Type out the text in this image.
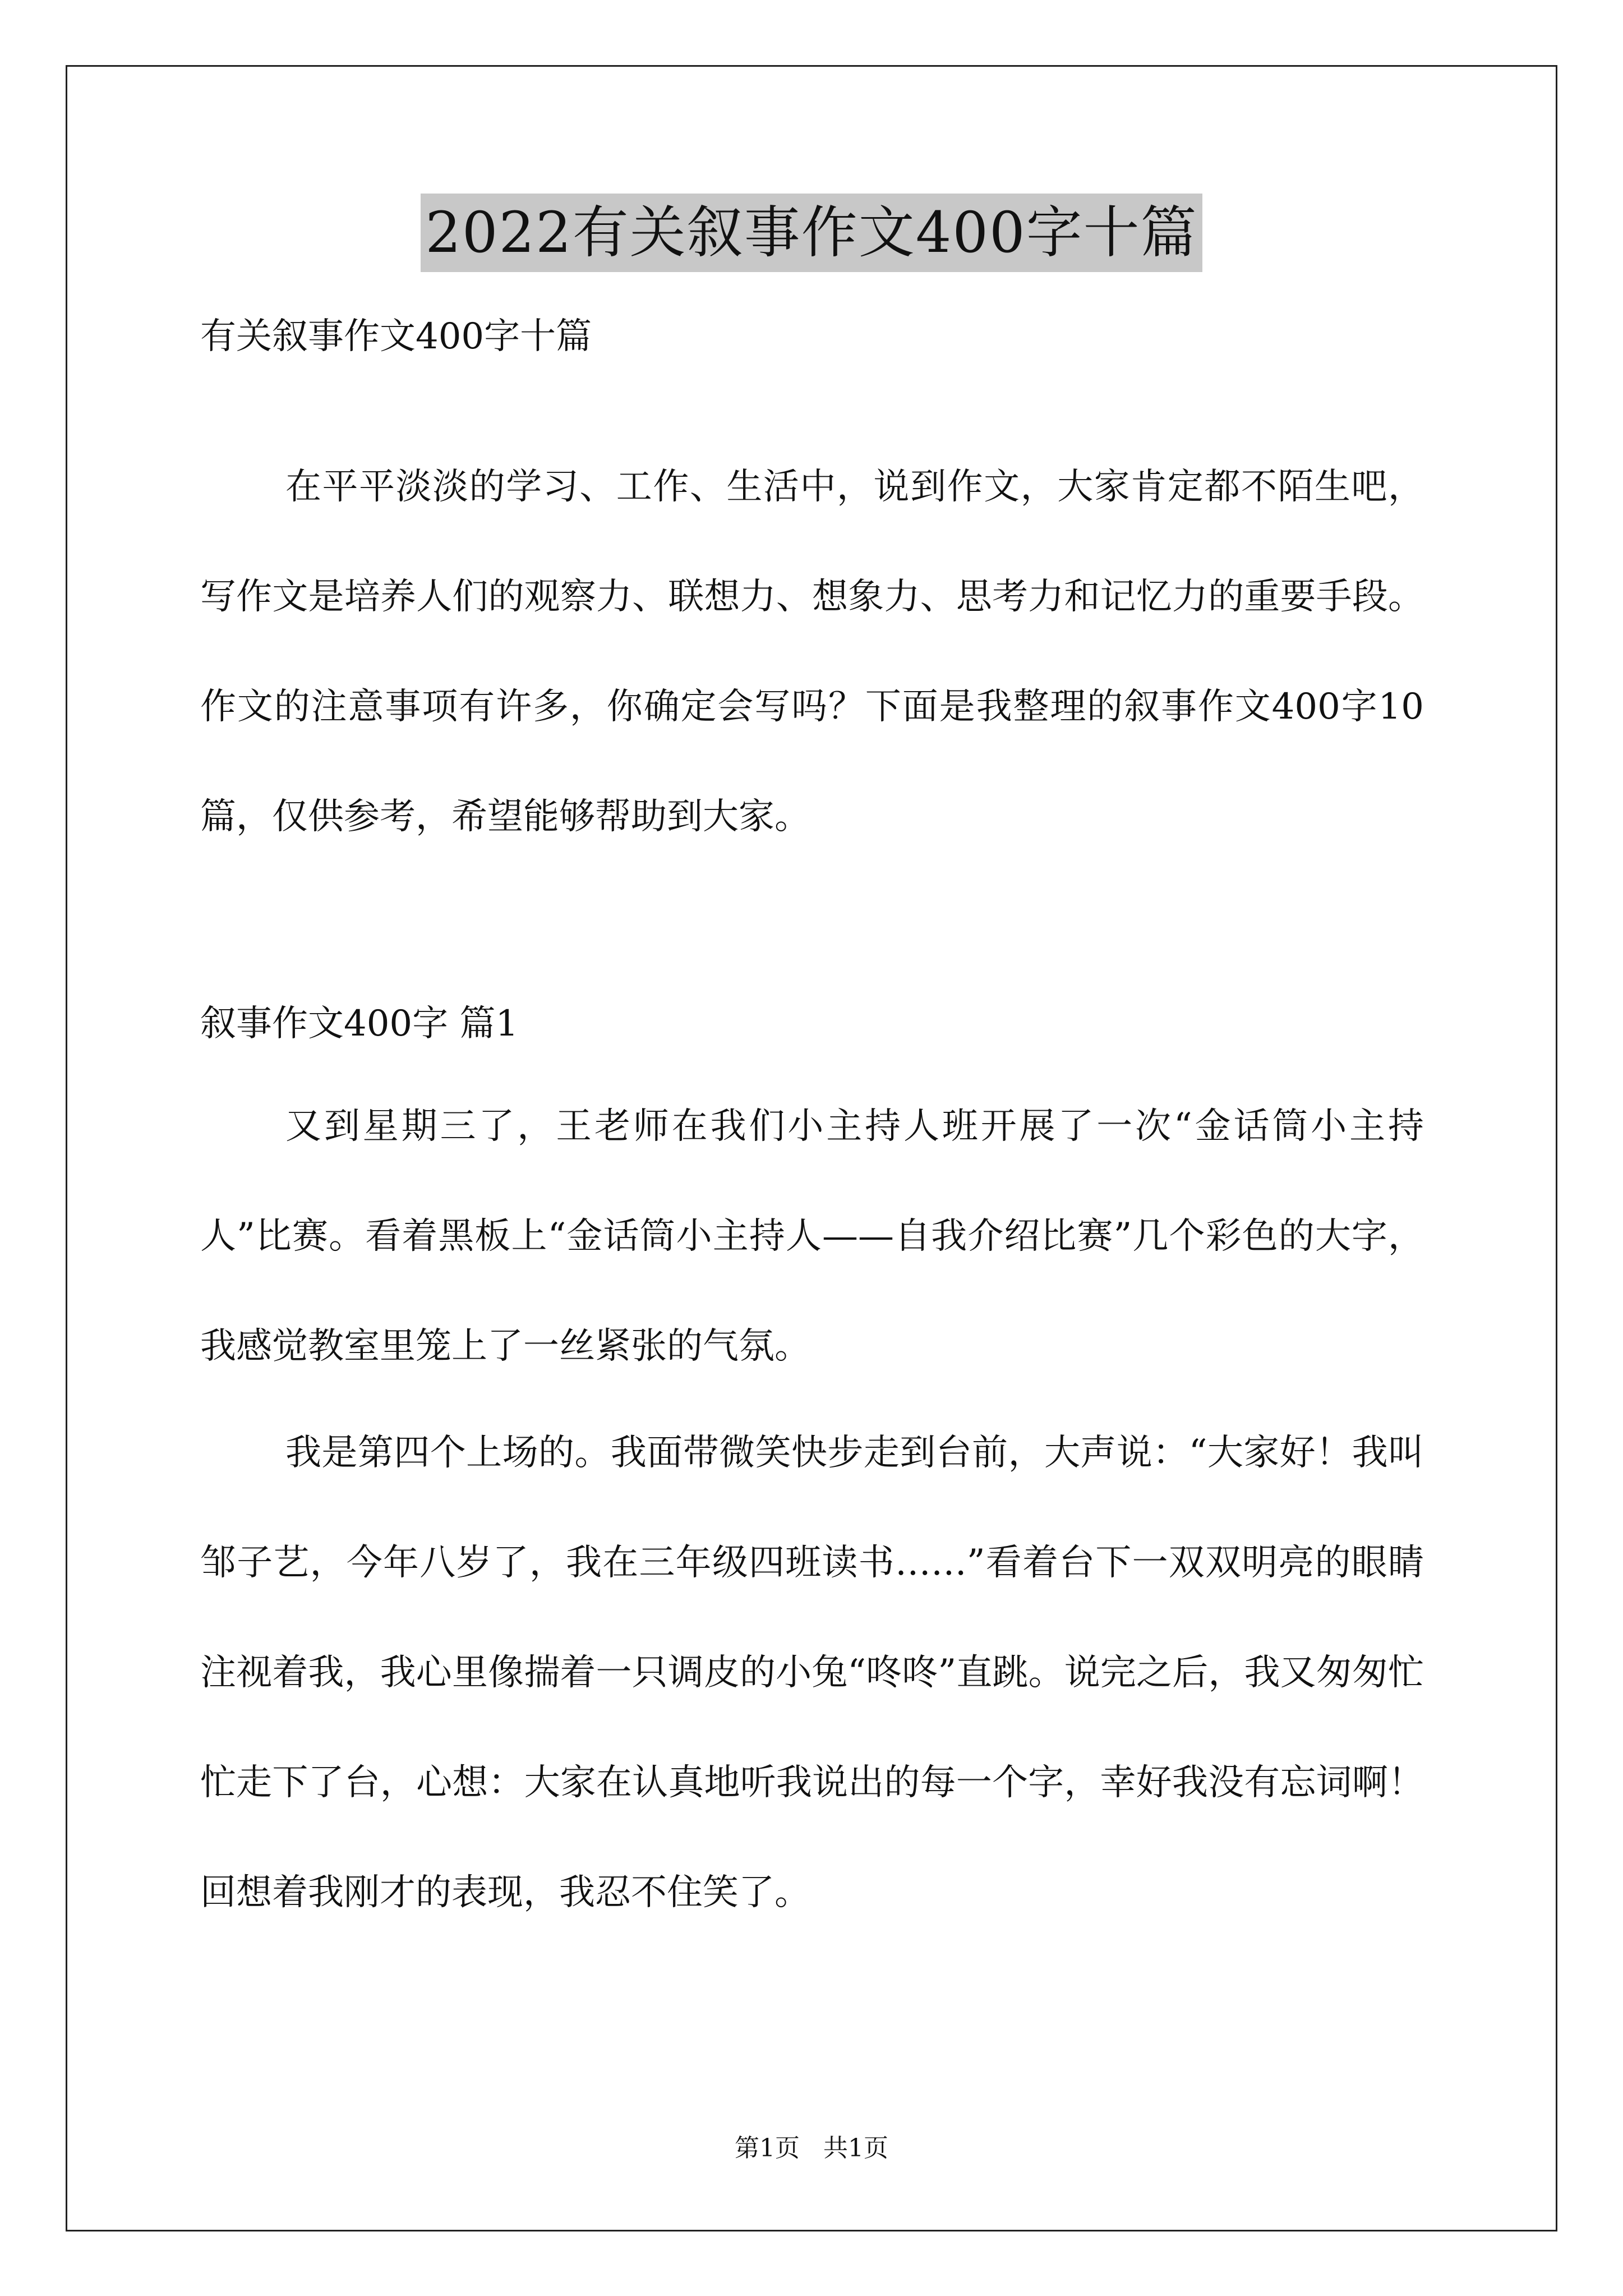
2022有关叙事作文400字十篇
有关叙事作文400字十篇

在平平淡淡的学习、工作、生活中，说到作文，大家肯定都不陌生吧，写作文是培养人们的观察力、联想力、想象力、思考力和记忆力的重要手段。作文的注意事项有许多，你确定会写吗？下面是我整理的叙事作文400字10篇，仅供参考，希望能够帮助到大家。

叙事作文400字 篇1

又到星期三了，王老师在我们小主持人班开展了一次“金话筒小主持人”比赛。看着黑板上“金话筒小主持人——自我介绍比赛”几个彩色的大字，我感觉教室里笼上了一丝紧张的气氛。

我是第四个上场的。我面带微笑快步走到台前，大声说：“大家好！我叫邹子艺，今年八岁了，我在三年级四班读书……”看着台下一双双明亮的眼睛注视着我，我心里像揣着一只调皮的小兔“咚咚”直跳。说完之后，我又匆匆忙忙走下了台，心想：大家在认真地听我说出的每一个字，幸好我没有忘词啊！回想着我刚才的表现，我忍不住笑了。

第1页   共1页
